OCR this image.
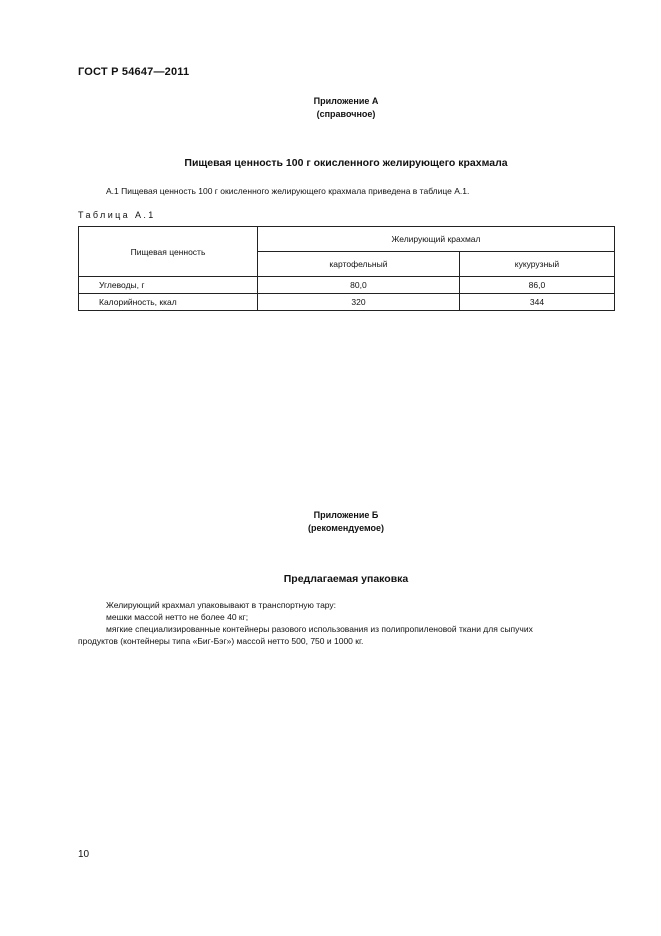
ГОСТ Р 54647—2011
Приложение А
(справочное)
Пищевая ценность 100 г окисленного желирующего крахмала
А.1 Пищевая ценность 100 г окисленного желирующего крахмала приведена в таблице А.1.
Таблица А.1
Пищевая ценность	Желирующий крахмал	
	картофельный	кукурузный
Углеводы, г	80,0	86,0
Калорийность, ккал	320	344
Приложение Б
(рекомендуемое)
Предлагаемая упаковка
Желирующий крахмал упаковывают в транспортную тару:
мешки массой нетто не более 40 кг;
мягкие специализированные контейнеры разового использования из полипропиленовой ткани для сыпучих
продуктов (контейнеры типа «Биг-Бэг») массой нетто 500, 750 и 1000 кг.
10
